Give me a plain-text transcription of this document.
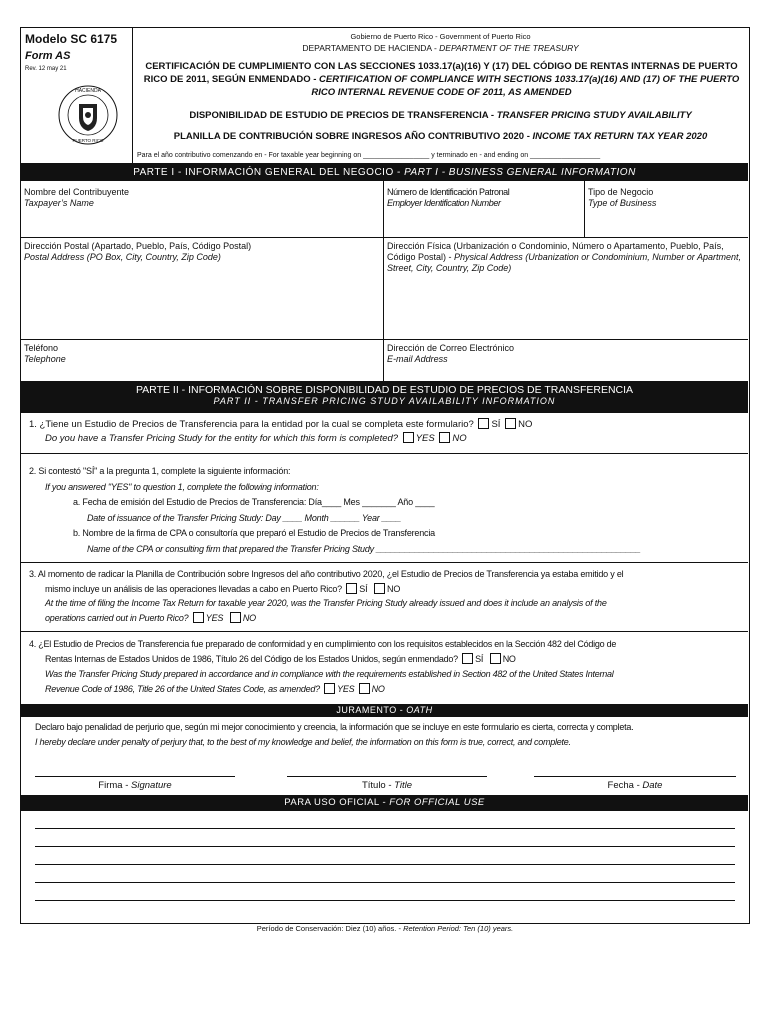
Modelo SC 6175
Form AS
Rev. 12 may 21
HACIENDA
PUERTO RICO
Gobierno de Puerto Rico - Government of Puerto Rico
DEPARTAMENTO DE HACIENDA - DEPARTMENT OF THE TREASURY
CERTIFICACIÓN DE CUMPLIMIENTO CON LAS SECCIONES 1033.17(a)(16) Y (17) DEL CÓDIGO DE RENTAS INTERNAS DE PUERTO RICO DE 2011, SEGÚN ENMENDADO - CERTIFICATION OF COMPLIANCE WITH SECTIONS 1033.17(a)(16) AND (17) OF THE PUERTO RICO INTERNAL REVENUE CODE OF 2011, AS AMENDED
DISPONIBILIDAD DE ESTUDIO DE PRECIOS DE TRANSFERENCIA - TRANSFER PRICING STUDY AVAILABILITY
PLANILLA DE CONTRIBUCIÓN SOBRE INGRESOS AÑO CONTRIBUTIVO 2020 - INCOME TAX RETURN TAX YEAR 2020
Para el año contributivo comenzando en - For taxable year beginning on _________________ y terminado en - and ending on __________________
PARTE I - INFORMACIÓN GENERAL DEL NEGOCIO - PART I - BUSINESS GENERAL INFORMATION
Nombre del Contribuyente
Taxpayer’s Name
Número de Identificación Patronal
Employer Identification Number
Tipo de Negocio
Type of Business
Dirección Postal (Apartado, Pueblo, País, Código Postal)
Postal Address (PO Box, City, Country, Zip Code)
Dirección Física (Urbanización o Condominio, Número o Apartamento, Pueblo, País, Código Postal) - Physical Address (Urbanization or Condominium, Number or Apartment, Street, City, Country, Zip Code)
Teléfono
Telephone
Dirección de Correo Electrónico
E-mail Address
PARTE II - INFORMACIÓN SOBRE DISPONIBILIDAD DE ESTUDIO DE PRECIOS DE TRANSFERENCIA
PART II - TRANSFER PRICING STUDY AVAILABILITY INFORMATION
1. ¿Tiene un Estudio de Precios de Transferencia para la entidad por la cual se completa este formulario? SÍ NO
Do you have a Transfer Pricing Study for the entity for which this form is completed? YES NO
2. Si contestó "SÍ" a la pregunta 1, complete la siguiente información:
If you answered "YES" to question 1, complete the following information:
a. Fecha de emisión del Estudio de Precios de Transferencia: Día____ Mes _______ Año ____
Date of issuance of the Transfer Pricing Study: Day ____ Month ______ Year ____
b. Nombre de la firma de CPA o consultoría que preparó el Estudio de Precios de Transferencia
Name of the CPA or consulting firm that prepared the Transfer Pricing Study _______________________________________________________
3. Al momento de radicar la Planilla de Contribución sobre Ingresos del año contributivo 2020, ¿el Estudio de Precios de Transferencia ya estaba emitido y el
mismo incluye un análisis de las operaciones llevadas a cabo en Puerto Rico? SÍ NO
At the time of filing the Income Tax Return for taxable year 2020, was the Transfer Pricing Study already issued and does it include an analysis of the
operations carried out in Puerto Rico? YES NO
4. ¿El Estudio de Precios de Transferencia fue preparado de conformidad y en cumplimiento con los requisitos establecidos en la Sección 482 del Código de
Rentas Internas de Estados Unidos de 1986, Título 26 del Código de los Estados Unidos, según enmendado? SÍ NO
Was the Transfer Pricing Study prepared in accordance and in compliance with the requirements established in Section 482 of the United States Internal
Revenue Code of 1986, Title 26 of the United States Code, as amended? YES NO
JURAMENTO - OATH
Declaro bajo penalidad de perjurio que, según mi mejor conocimiento y creencia, la información que se incluye en este formulario es cierta, correcta y completa.
I hereby declare under penalty of perjury that, to the best of my knowledge and belief, the information on this form is true, correct, and complete.
Firma - Signature	Título - Title	Fecha - Date
PARA USO OFICIAL - FOR OFFICIAL USE
Período de Conservación: Diez (10) años. - Retention Period: Ten (10) years.
